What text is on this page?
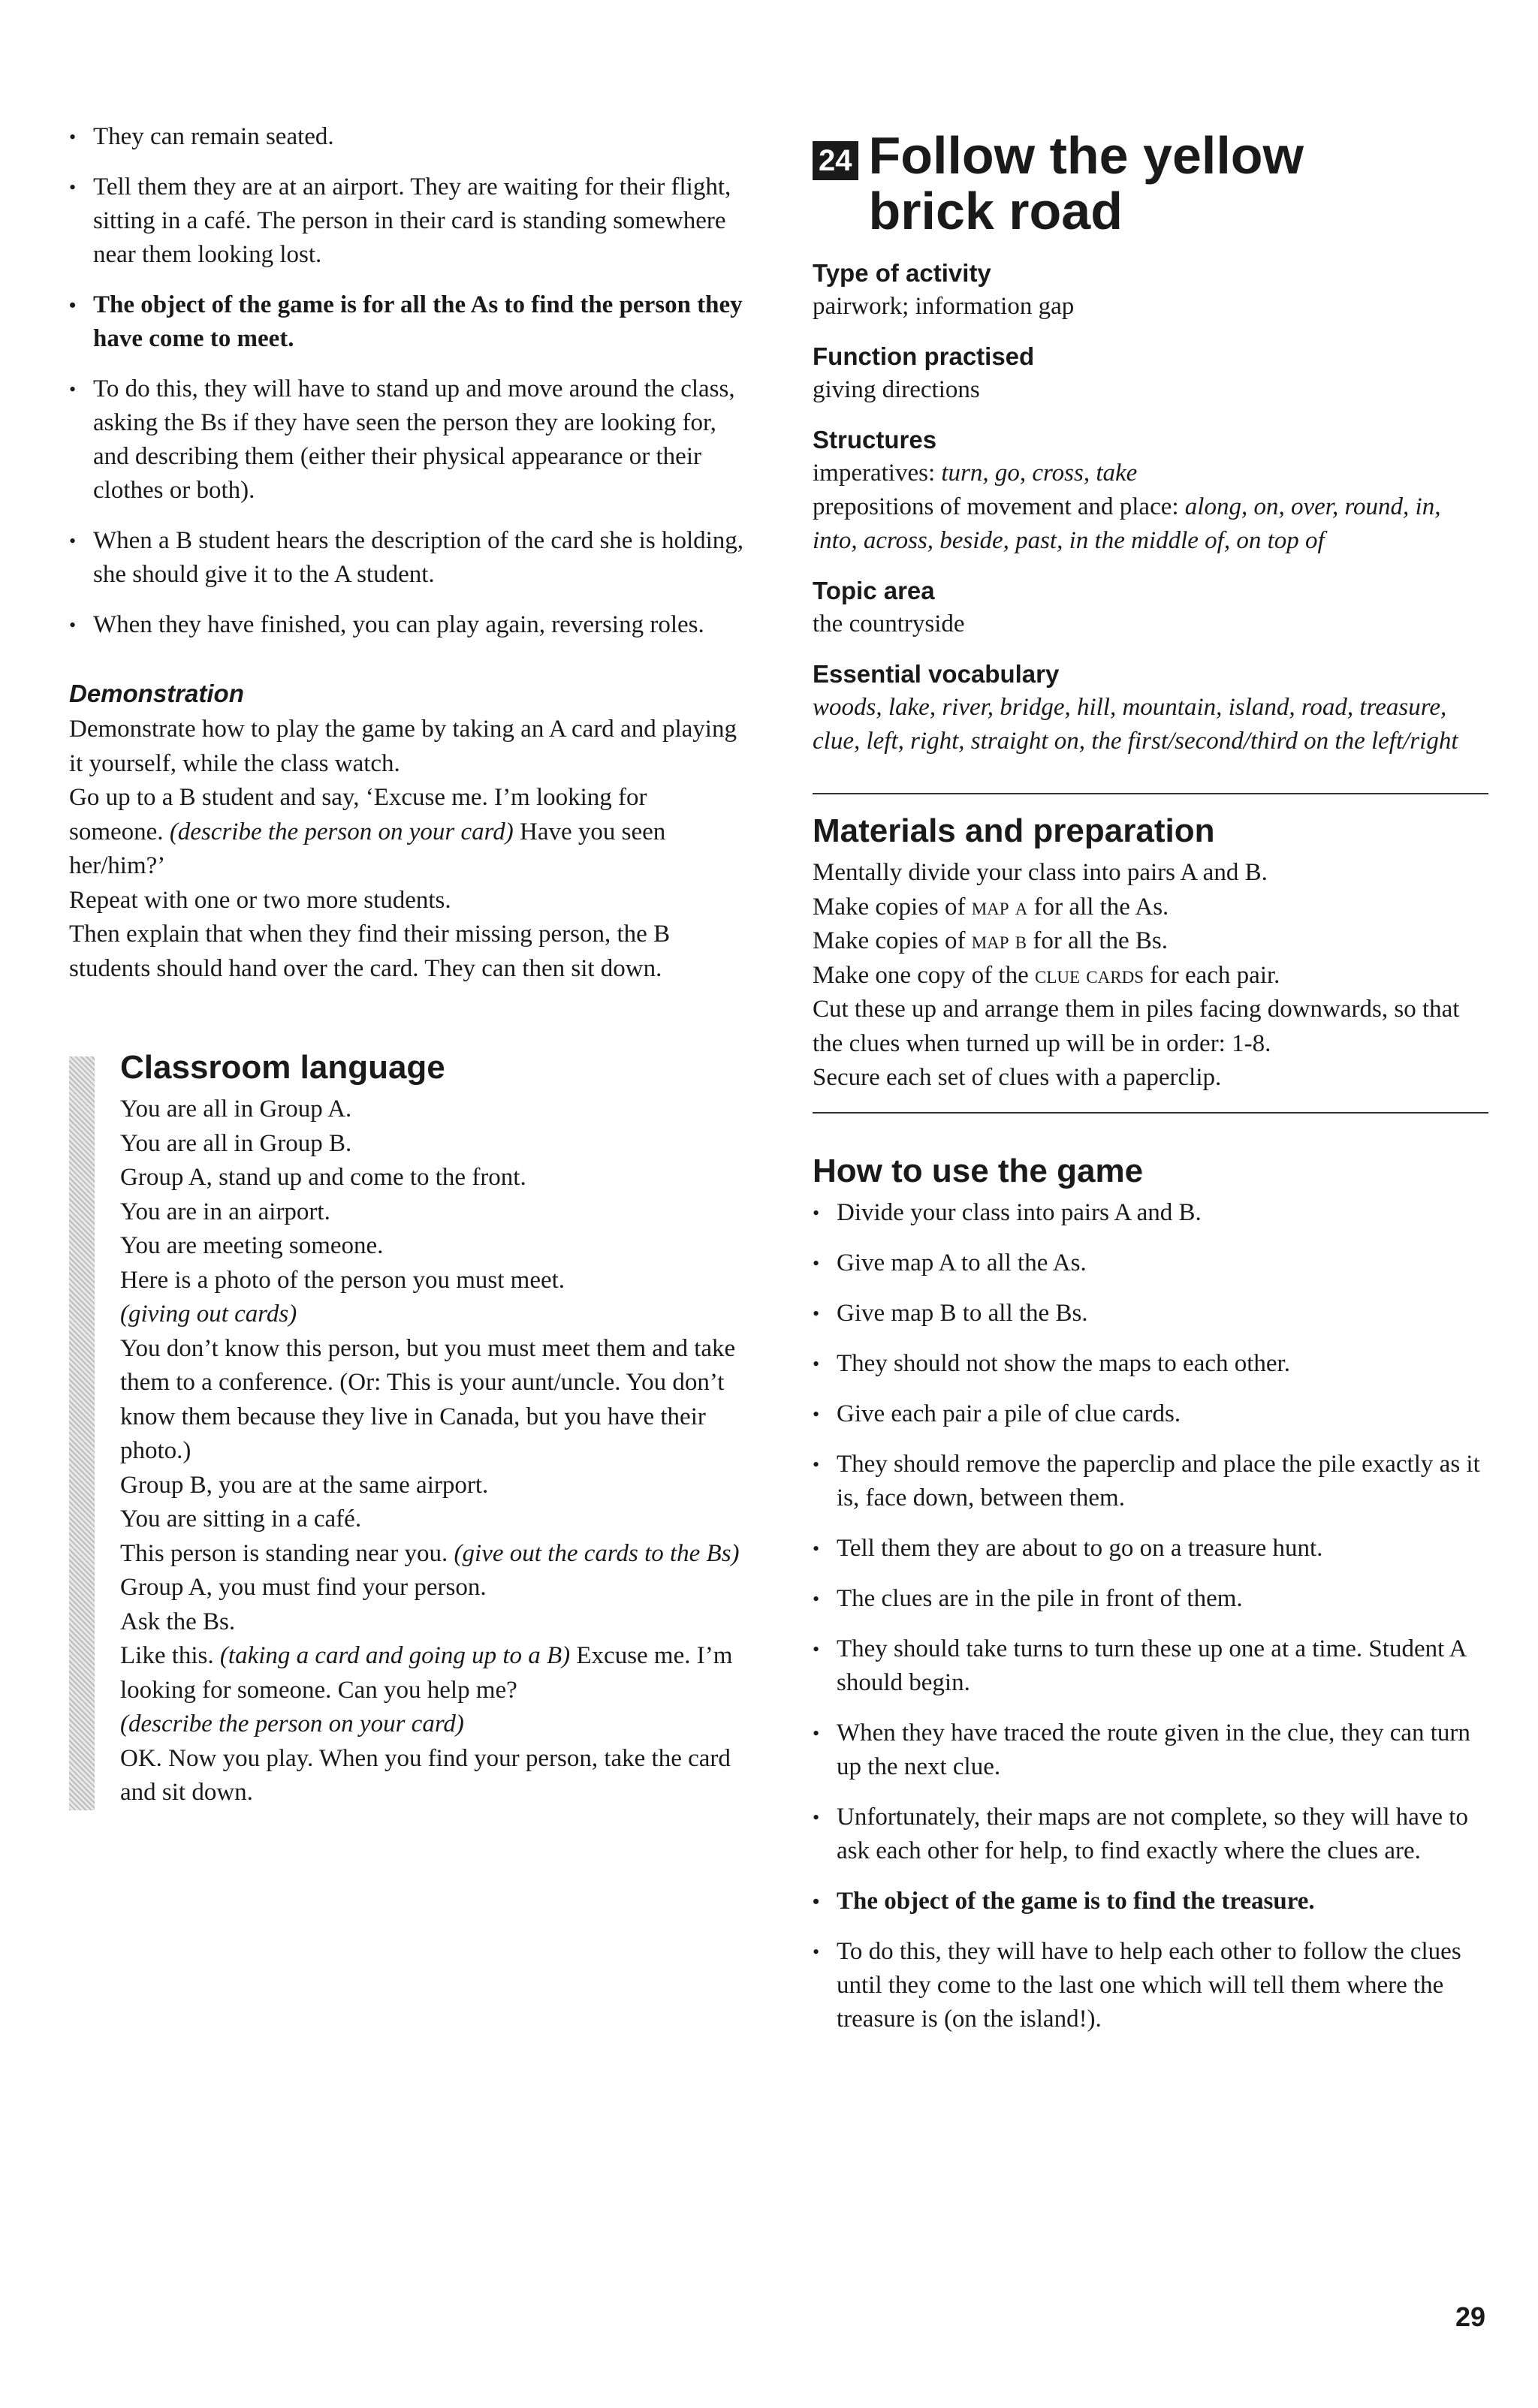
• They can remain seated.
• Tell them they are at an airport. They are waiting for their flight, sitting in a café. The person in their card is standing somewhere near them looking lost.
• The object of the game is for all the As to find the person they have come to meet.
• To do this, they will have to stand up and move around the class, asking the Bs if they have seen the person they are looking for, and describing them (either their physical appearance or their clothes or both).
• When a B student hears the description of the card she is holding, she should give it to the A student.
• When they have finished, you can play again, reversing roles.
Demonstration

Demonstrate how to play the game by taking an A card and playing it yourself, while the class watch.

Go up to a B student and say, ‘Excuse me. I’m looking for someone. (describe the person on your card) Have you seen her/him?’

Repeat with one or two more students.

Then explain that when they find their missing person, the B students should hand over the card. They can then sit down.

Classroom language

You are all in Group A.

You are all in Group B.

Group A, stand up and come to the front.

You are in an airport.

You are meeting someone.

Here is a photo of the person you must meet.

(giving out cards)

You don’t know this person, but you must meet them and take them to a conference. (Or: This is your aunt/uncle. You don’t know them because they live in Canada, but you have their photo.)

Group B, you are at the same airport.

You are sitting in a café.

This person is standing near you. (give out the cards to the Bs)

Group A, you must find your person.

Ask the Bs.

Like this. (taking a card and going up to a B) Excuse me. I’m looking for someone. Can you help me?

(describe the person on your card)

OK. Now you play. When you find your person, take the card and sit down.

24 Follow the yellow brick road
Type of activity

pairwork; information gap

Function practised

giving directions

Structures

imperatives: turn, go, cross, take
prepositions of movement and place: along, on, over, round, in, into, across, beside, past, in the middle of, on top of

Topic area

the countryside

Essential vocabulary

woods, lake, river, bridge, hill, mountain, island, road, treasure, clue, left, right, straight on, the first/second/third on the left/right

Materials and preparation

Mentally divide your class into pairs A and B.

Make copies of map a for all the As.

Make copies of map b for all the Bs.

Make one copy of the clue cards for each pair.

Cut these up and arrange them in piles facing downwards, so that the clues when turned up will be in order: 1-8.

Secure each set of clues with a paperclip.

How to use the game
• Divide your class into pairs A and B.
• Give map A to all the As.
• Give map B to all the Bs.
• They should not show the maps to each other.
• Give each pair a pile of clue cards.
• They should remove the paperclip and place the pile exactly as it is, face down, between them.
• Tell them they are about to go on a treasure hunt.
• The clues are in the pile in front of them.
• They should take turns to turn these up one at a time. Student A should begin.
• When they have traced the route given in the clue, they can turn up the next clue.
• Unfortunately, their maps are not complete, so they will have to ask each other for help, to find exactly where the clues are.
• The object of the game is to find the treasure.
• To do this, they will have to help each other to follow the clues until they come to the last one which will tell them where the treasure is (on the island!).
29
